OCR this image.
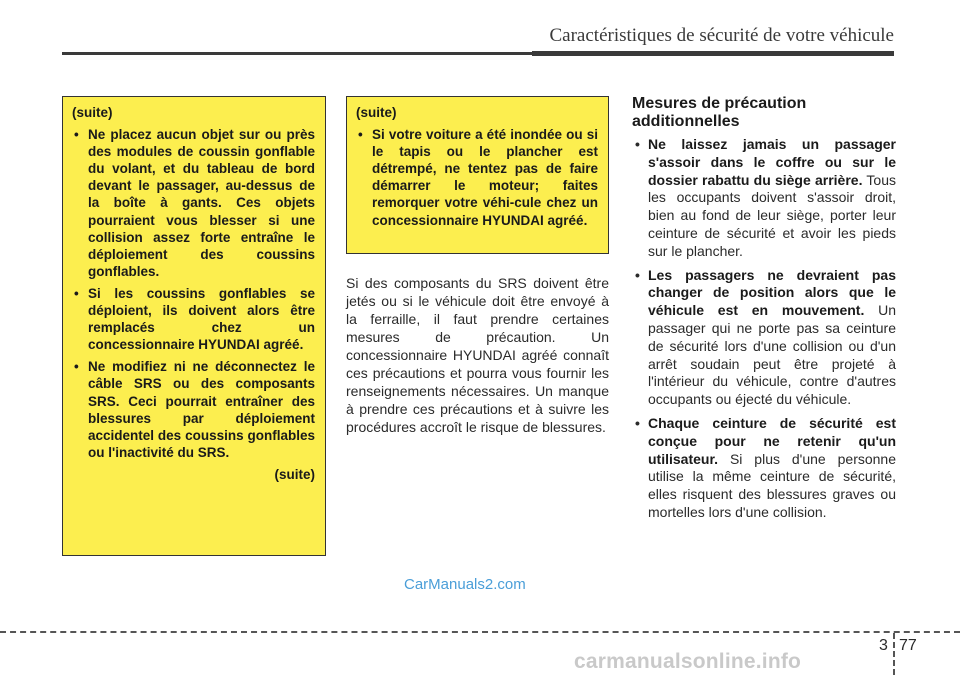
Caractéristiques de sécurité de votre véhicule
(suite)
• Ne placez aucun objet sur ou près des modules de coussin gonflable du volant, et du tableau de bord devant le passager, au-dessus de la boîte à gants. Ces objets pourraient vous blesser si une collision assez forte entraîne le déploiement des coussins gonflables.
• Si les coussins gonflables se déploient, ils doivent alors être remplacés chez un concessionnaire HYUNDAI agréé.
• Ne modifiez ni ne déconnectez le câble SRS ou des composants SRS. Ceci pourrait entraîner des blessures par déploiement accidentel des coussins gonflables ou l'inactivité du SRS.
(suite)
(suite)
• Si votre voiture a été inondée ou si le tapis ou le plancher est détrempé, ne tentez pas de faire démarrer le moteur; faites remorquer votre véhi-cule chez un concessionnaire HYUNDAI agréé.

Si des composants du SRS doivent être jetés ou si le véhicule doit être envoyé à la ferraille, il faut prendre certaines mesures de précaution. Un concessionnaire HYUNDAI agréé connaît ces précautions et pourra vous fournir les renseignements nécessaires. Un manque à prendre ces précautions et à suivre les procédures accroît le risque de blessures.

Mesures de précaution additionnelles
• Ne laissez jamais un passager s'assoir dans le coffre ou sur le dossier rabattu du siège arrière. Tous les occupants doivent s'assoir droit, bien au fond de leur siège, porter leur ceinture de sécurité et avoir les pieds sur le plancher.
• Les passagers ne devraient pas changer de position alors que le véhicule est en mouvement. Un passager qui ne porte pas sa ceinture de sécurité lors d'une collision ou d'un arrêt soudain peut être projeté à l'intérieur du véhicule, contre d'autres occupants ou éjecté du véhicule.
• Chaque ceinture de sécurité est conçue pour ne retenir qu'un utilisateur. Si plus d'une personne utilise la même ceinture de sécurité, elles risquent des blessures graves ou mortelles lors d'une collision.
CarManuals2.com
3 77
carmanualsonline.info
